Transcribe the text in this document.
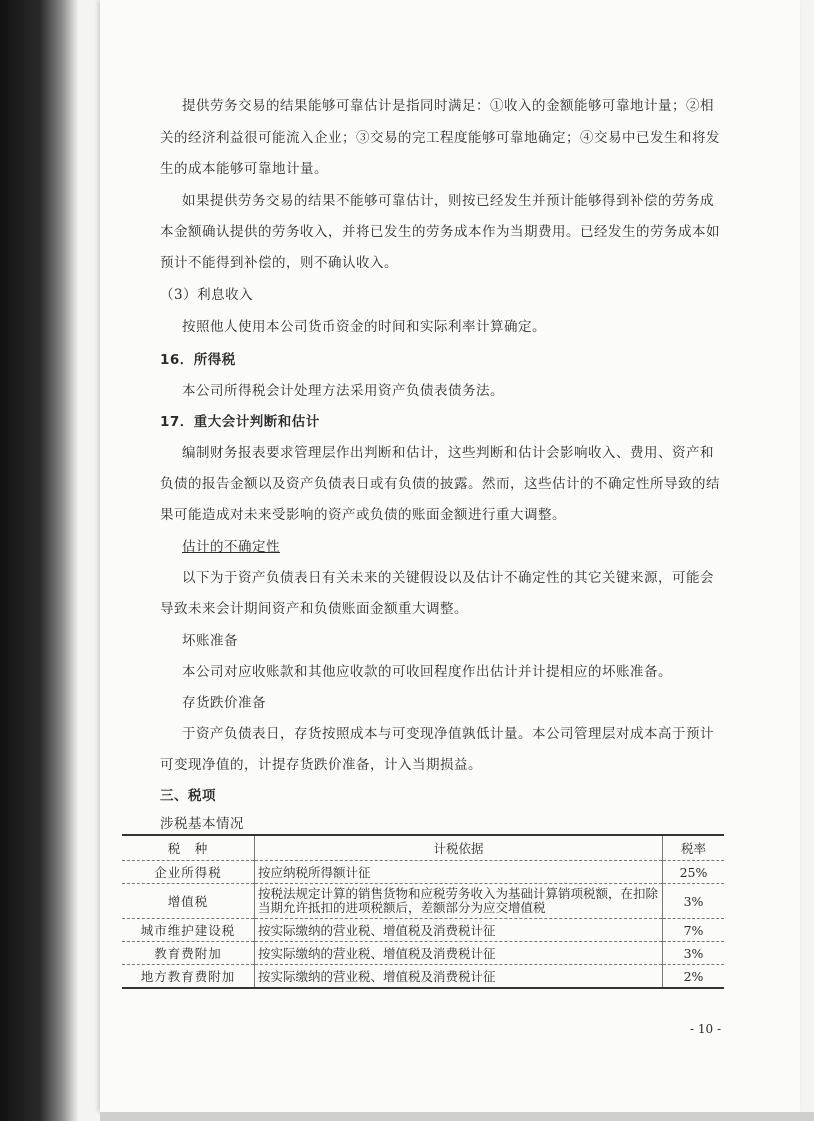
提供劳务交易的结果能够可靠估计是指同时满足：①收入的金额能够可靠地计量；②相
关的经济利益很可能流入企业；③交易的完工程度能够可靠地确定；④交易中已发生和将发
生的成本能够可靠地计量。
如果提供劳务交易的结果不能够可靠估计，则按已经发生并预计能够得到补偿的劳务成
本金额确认提供的劳务收入，并将已发生的劳务成本作为当期费用。已经发生的劳务成本如
预计不能得到补偿的，则不确认收入。
（3）利息收入
按照他人使用本公司货币资金的时间和实际利率计算确定。
16．所得税
本公司所得税会计处理方法采用资产负债表债务法。
17．重大会计判断和估计
编制财务报表要求管理层作出判断和估计，这些判断和估计会影响收入、费用、资产和
负债的报告金额以及资产负债表日或有负债的披露。然而，这些估计的不确定性所导致的结
果可能造成对未来受影响的资产或负债的账面金额进行重大调整。
估计的不确定性
以下为于资产负债表日有关未来的关键假设以及估计不确定性的其它关键来源，可能会
导致未来会计期间资产和负债账面金额重大调整。
坏账准备
本公司对应收账款和其他应收款的可收回程度作出估计并计提相应的坏账准备。
存货跌价准备
于资产负债表日，存货按照成本与可变现净值孰低计量。本公司管理层对成本高于预计
可变现净值的，计提存货跌价准备，计入当期损益。
三、税项
涉税基本情况
税　种	计税依据	税率
企业所得税	按应纳税所得额计征	25%
增值税	按税法规定计算的销售货物和应税劳务收入为基础计算销项税额，在扣除当期允许抵扣的进项税额后，差额部分为应交增值税	3%
城市维护建设税	按实际缴纳的营业税、增值税及消费税计征	7%
教育费附加	按实际缴纳的营业税、增值税及消费税计征	3%
地方教育费附加	按实际缴纳的营业税、增值税及消费税计征	2%
- 10 -
